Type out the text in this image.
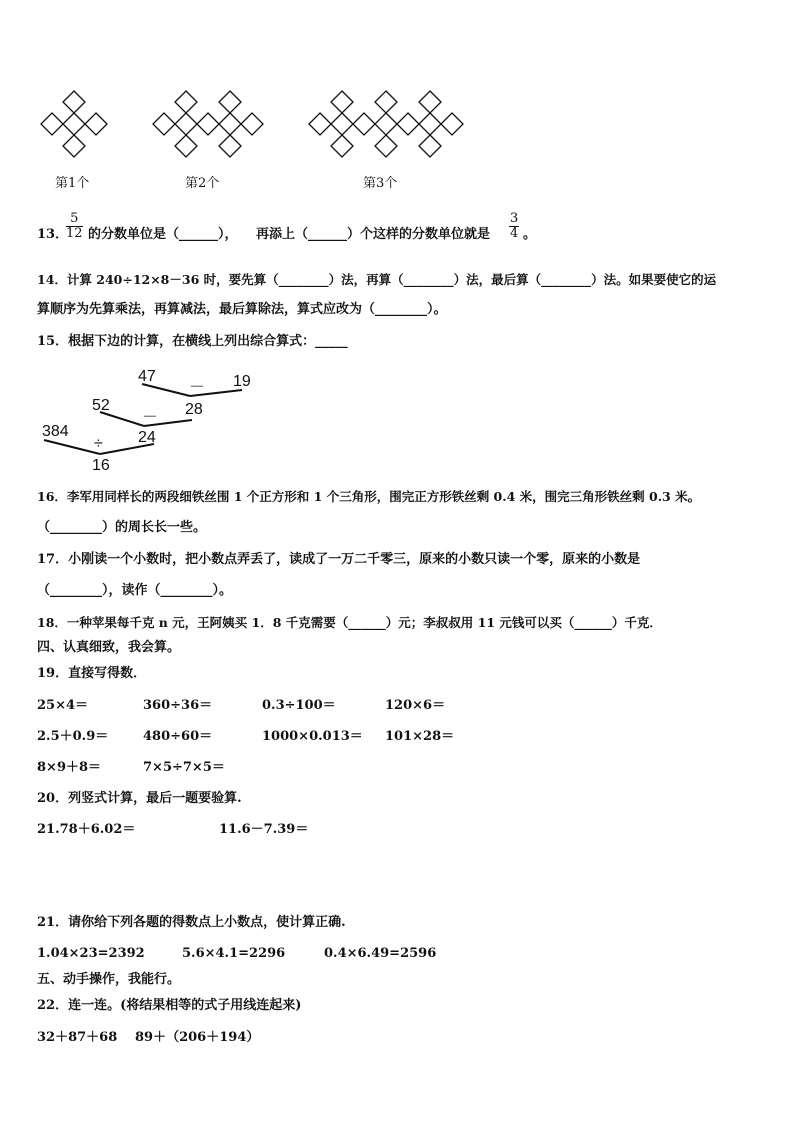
第1个	第2个	第3个
13．
$\frac{5}{12}$ 的分数单位是（______）， 再添上（______）个这样的分数单位就是 $\frac{3}{4}$ 。
14．计算 240÷12×8－36 时，要先算（________）法，再算（________）法，最后算（________）法。如果要使它的运
算顺序为先算乘法，再算减法，最后算除法，算式应改为（________）。
15．根据下边的计算，在横线上列出综合算式：_____
47
－ 19
52	28
－
384	24
÷
16
16．李军用同样长的两段细铁丝围 1 个正方形和 1 个三角形，围完正方形铁丝剩 0.4 米，围完三角形铁丝剩 0.3 米。
（________）的周长长一些。
17．小刚读一个小数时，把小数点弄丢了，读成了一万二千零三，原来的小数只读一个零，原来的小数是
（________），读作（________）。
18．一种苹果每千克 n 元，王阿姨买 1．8 千克需要（______）元；李叔叔用 11 元钱可以买（______）千克．
四、认真细致，我会算。
19．直接写得数．
25×4＝	360÷36＝	0.3÷100＝	120×6＝
2.5＋0.9＝	480÷60＝	1000×0.013＝ 101×28＝
8×9＋8＝	7×5÷7×5＝
20．列竖式计算，最后一题要验算.
21.78＋6.02＝	11.6－7.39＝
21．请你给下列各题的得数点上小数点，使计算正确.
1.04×23=2392	5.6×4.1=2296	0.4×6.49=2596
五、动手操作，我能行。
22．连一连。(将结果相等的式子用线连起来)
32＋87＋68 89＋（206＋194）
